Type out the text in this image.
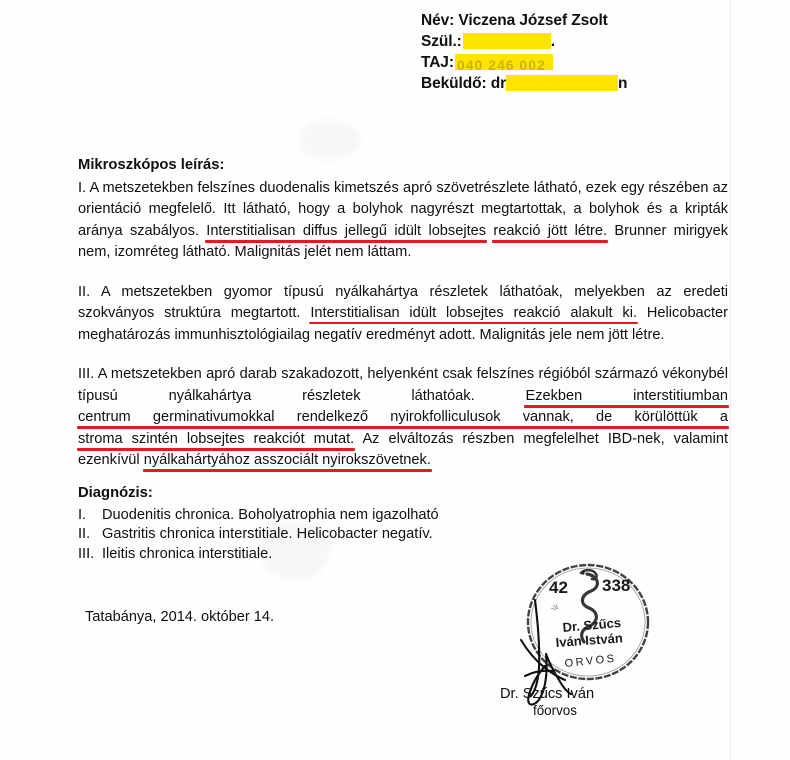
Név: Viczena József Zsolt
Szül.:	.
TAJ: 040 246 002
Beküldő: dr	n
Mikroszkópos leírás:

I. A metszetekben felszínes duodenalis kimetszés apró szövetrészlete látható, ezek egy részében az orientáció megfelelő. Itt látható, hogy a bolyhok nagyrészt megtartottak, a bolyhok és a kripták aránya szabályos. Interstitialisan diffus jellegű idült lobsejtes reakció jött létre. Brunner mirigyek nem, izomréteg látható. Malignitás jelét nem láttam.

II. A metszetekben gyomor típusú nyálkahártya részletek láthatóak, melyekben az eredeti szokványos struktúra megtartott. Interstitialisan idült lobsejtes reakció alakult ki. Helicobacter meghatározás immunhisztológiailag negatív eredményt adott. Malignitás jele nem jött létre.

III. A metszetekben apró darab szakadozott, helyenként csak felszínes régióból származó vékonybél típusú nyálkahártya részletek láthatóak. Ezekben interstitiumban centrum germinativumokkal rendelkező nyirokfolliculusok vannak, de körülöttük a stroma szintén lobsejtes reakciót mutat. Az elváltozás részben megfelelhet IBD-nek, valamint ezenkívül nyálkahártyához asszociált nyirokszövetnek.

Diagnózis:
I. Duodenitis chronica. Boholyatrophia nem igazolható
II. Gastritis chronica interstitiale. Helicobacter negatív.
III. Ileitis chronica interstitiale.
Tatabánya, 2014. október 14.
42 338
Dr. Szűcs
Iván István
ORVOS
Dr. Szűcs Iván
főorvos
